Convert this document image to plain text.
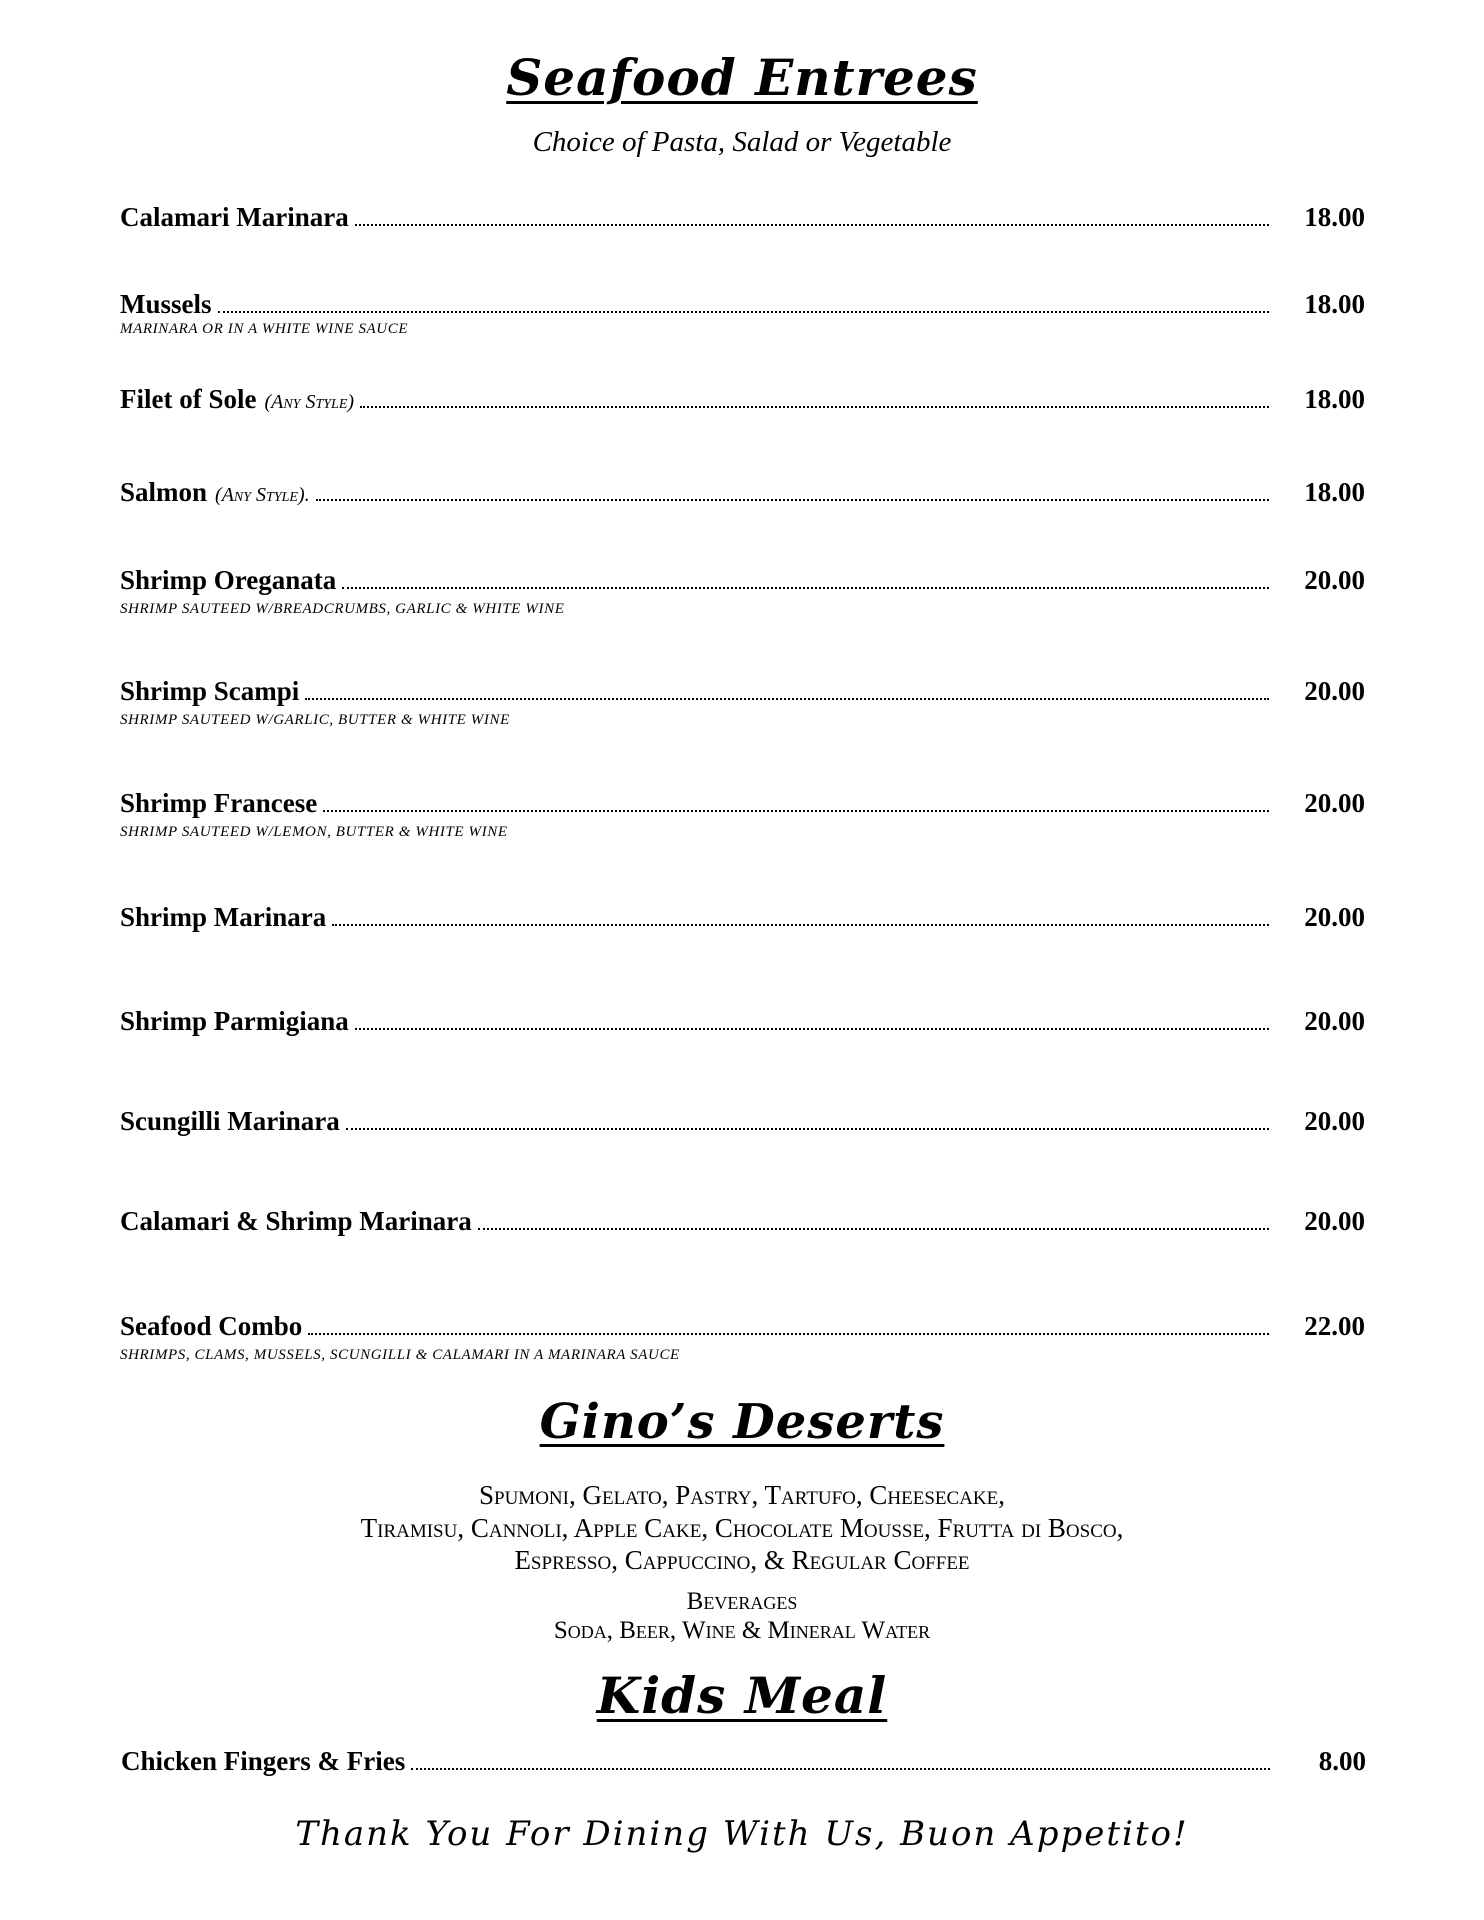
Seafood Entrees
Choice of Pasta, Salad or Vegetable
Calamari Marinara	18.00
Mussels	18.00
MARINARA OR IN A WHITE WINE SAUCE
Filet of Sole (Any Style)	18.00
Salmon (Any Style).	18.00
Shrimp Oreganata	20.00
SHRIMP SAUTEED W/BREADCRUMBS, GARLIC & WHITE WINE
Shrimp Scampi	20.00
SHRIMP SAUTEED W/GARLIC, BUTTER & WHITE WINE
Shrimp Francese	20.00
SHRIMP SAUTEED W/LEMON, BUTTER & WHITE WINE
Shrimp Marinara	20.00
Shrimp Parmigiana	20.00
Scungilli Marinara	20.00
Calamari & Shrimp Marinara	20.00
Seafood Combo	22.00
SHRIMPS, CLAMS, MUSSELS, SCUNGILLI & CALAMARI IN A MARINARA SAUCE
Gino’s Deserts
Spumoni, Gelato, Pastry, Tartufo, Cheesecake,
Tiramisu, Cannoli, Apple Cake, Chocolate Mousse, Frutta di Bosco,
Espresso, Cappuccino, & Regular Coffee
Beverages
Soda, Beer, Wine & Mineral Water
Kids Meal
Chicken Fingers & Fries	8.00
Thank You For Dining With Us, Buon Appetito!
